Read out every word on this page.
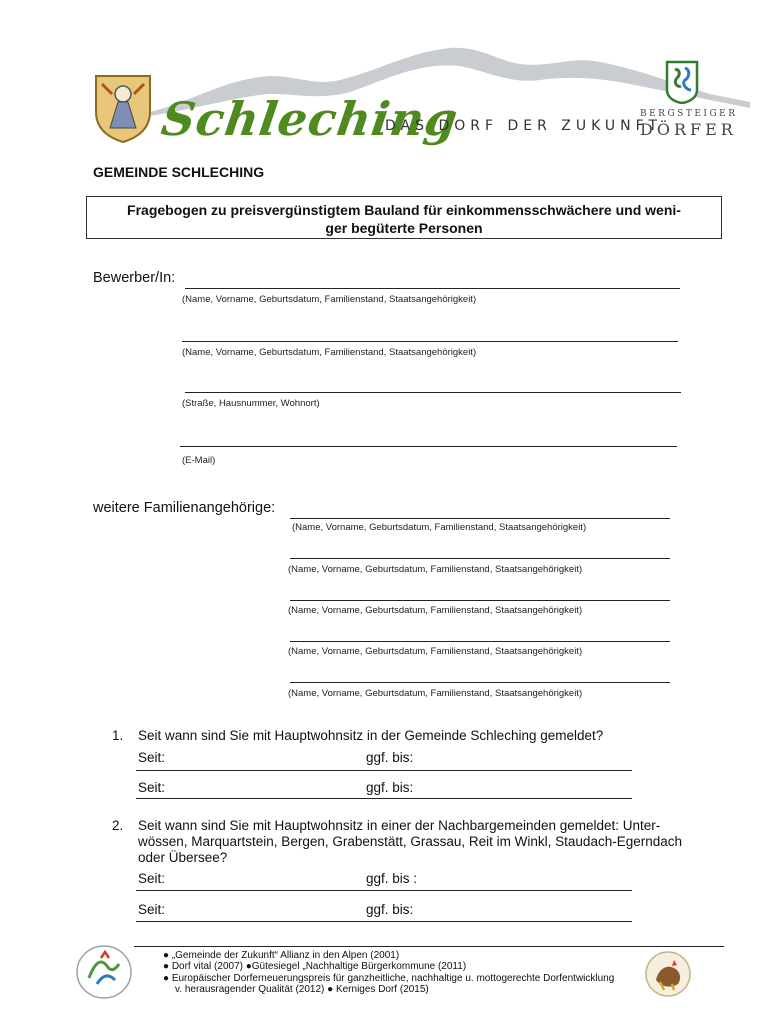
Schleching
DAS DORF DER ZUKUNFT
BERGSTEIGER
DÖRFER
GEMEINDE SCHLECHING
Fragebogen zu preisvergünstigtem Bauland für einkommensschwächere und weni-
ger begüterte Personen
Bewerber/In:
(Name, Vorname, Geburtsdatum, Familienstand, Staatsangehörigkeit)
(Name, Vorname, Geburtsdatum, Familienstand, Staatsangehörigkeit)
(Straße, Hausnummer, Wohnort)
(E-Mail)
weitere Familienangehörige:
(Name, Vorname, Geburtsdatum, Familienstand, Staatsangehörigkeit)
(Name, Vorname, Geburtsdatum, Familienstand, Staatsangehörigkeit)
(Name, Vorname, Geburtsdatum, Familienstand, Staatsangehörigkeit)
(Name, Vorname, Geburtsdatum, Familienstand, Staatsangehörigkeit)
(Name, Vorname, Geburtsdatum, Familienstand, Staatsangehörigkeit)
1. Seit wann sind Sie mit Hauptwohnsitz in der Gemeinde Schleching gemeldet?
Seit:	ggf. bis:
Seit:	ggf. bis:
2. Seit wann sind Sie mit Hauptwohnsitz in einer der Nachbargemeinden gemeldet: Unter-
wössen, Marquartstein, Bergen, Grabenstätt, Grassau, Reit im Winkl, Staudach-Egerndach
oder Übersee?
Seit:	ggf. bis :
Seit:	ggf. bis:
● „Gemeinde der Zukunft“ Allianz in den Alpen (2001)
● Dorf vital (2007) ●Gütesiegel „Nachhaltige Bürgerkommune (2011)
● Europäischer Dorferneuerungspreis für ganzheitliche, nachhaltige u. mottogerechte Dorfentwicklung
v. herausragender Qualität (2012) ● Kerniges Dorf (2015)
